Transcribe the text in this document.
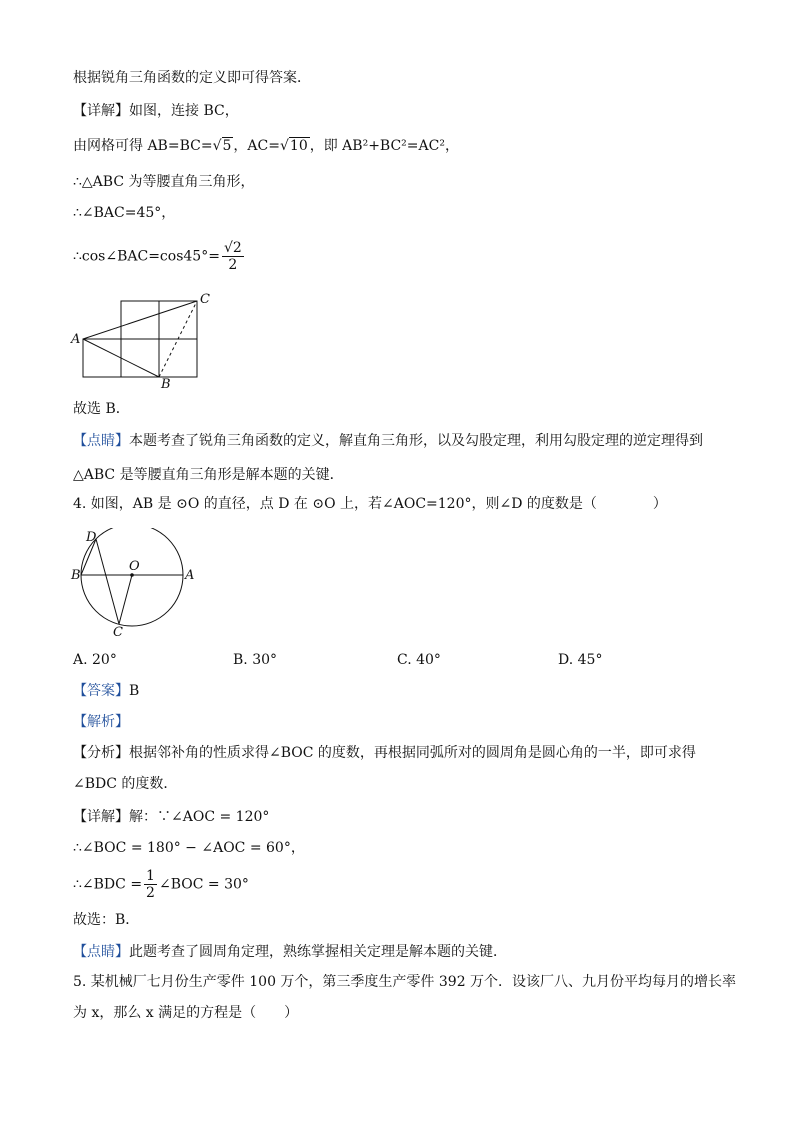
根据锐角三角函数的定义即可得答案．
【详解】如图，连接 BC，
由网格可得 AB=BC=√5 ，AC=√10 ，即 AB²+BC²=AC²，
∴△ABC 为等腰直角三角形，
∴∠BAC=45°，
∴cos∠BAC=cos45°= $\frac{√2}{2}$
A
B
C
故选 B．
【点睛】本题考查了锐角三角函数的定义，解直角三角形，以及勾股定理，利用勾股定理的逆定理得到
△ABC 是等腰直角三角形是解本题的关键．
4. 如图，AB 是 ⊙O 的直径，点 D 在 ⊙O 上，若∠AOC=120°，则∠D 的度数是（　　　　）
D
B
O
A
C
A. 20°	B. 30°	C. 40°	D. 45°
【答案】B
【解析】
【分析】根据邻补角的性质求得∠BOC 的度数，再根据同弧所对的圆周角是圆心角的一半，即可求得
∠BDC 的度数．
【详解】解：∵∠AOC = 120°
∴∠BOC = 180° − ∠AOC = 60°，
∴∠BDC = $\frac{1}{2}$ ∠BOC = 30°
故选：B．
【点睛】此题考查了圆周角定理，熟练掌握相关定理是解本题的关键．
5. 某机械厂七月份生产零件 100 万个，第三季度生产零件 392 万个．设该厂八、九月份平均每月的增长率
为 x，那么 x 满足的方程是（　　）
